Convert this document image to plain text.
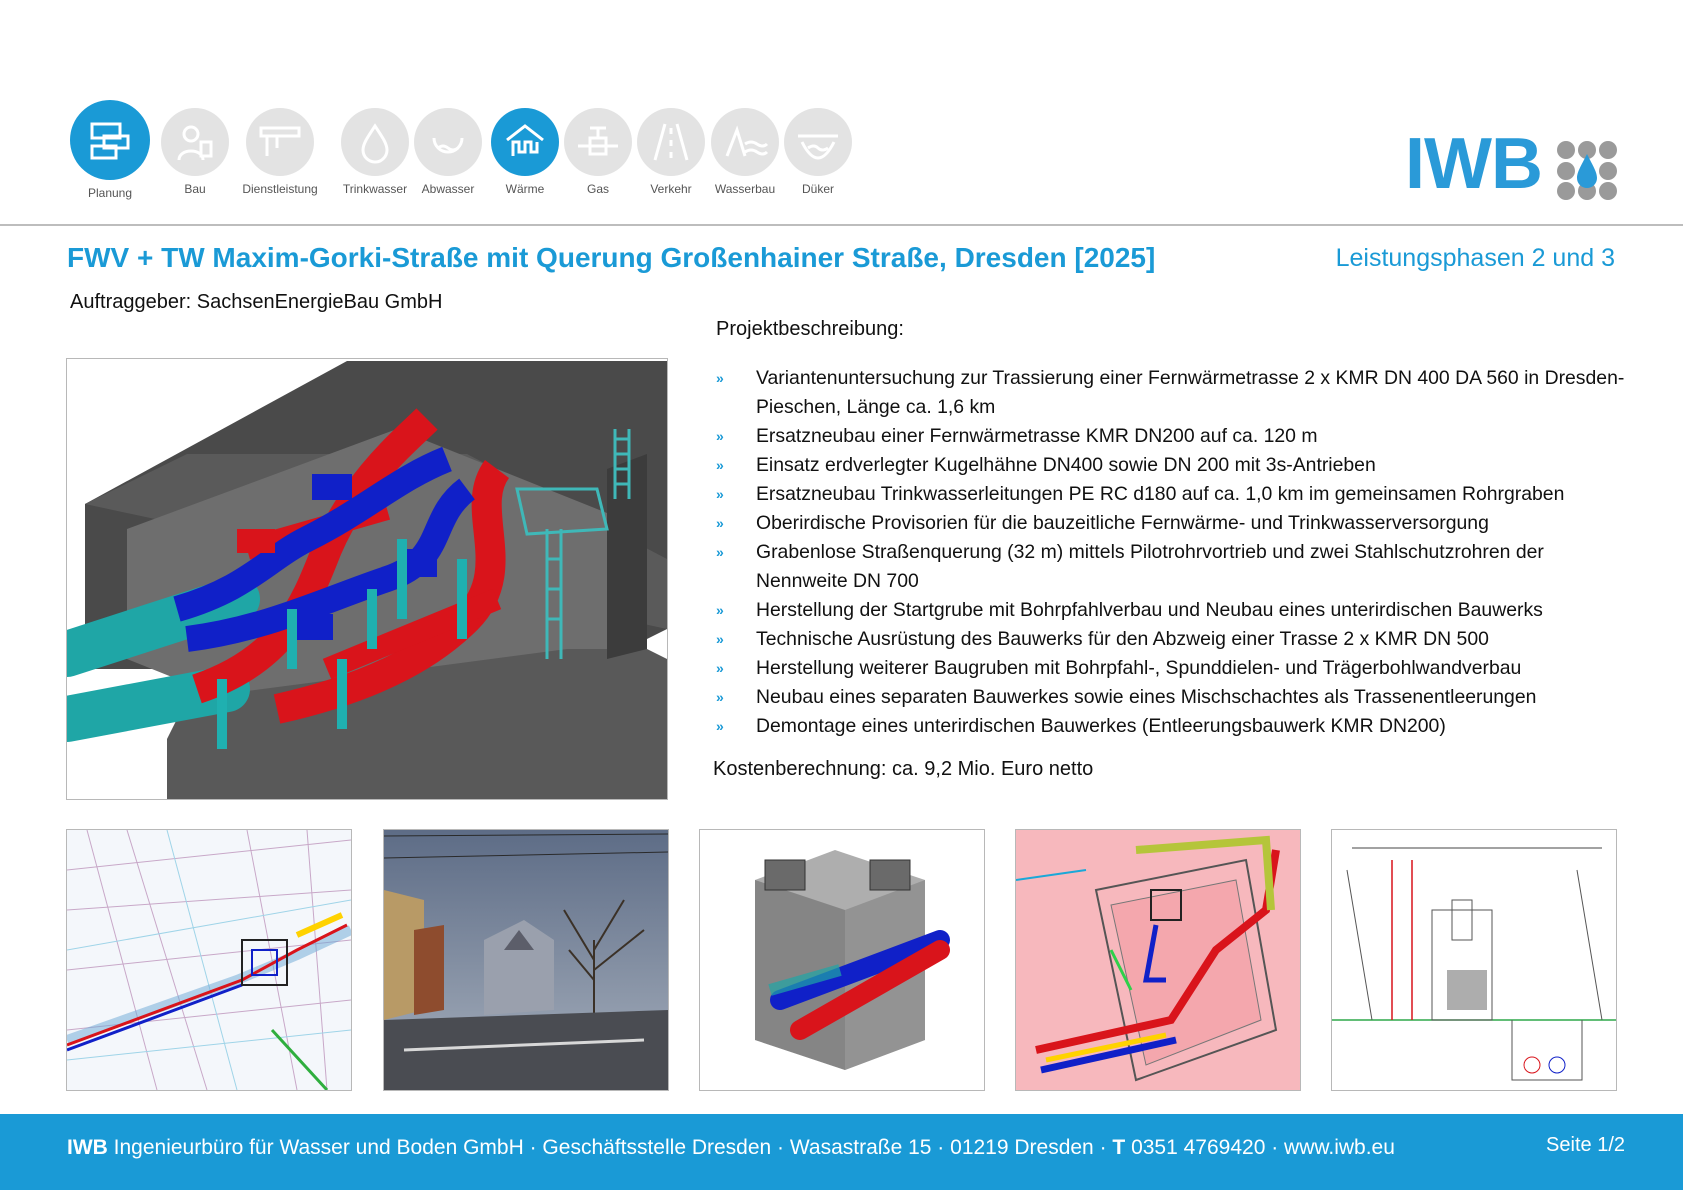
Planung	Bau	Dienstleistung	Trinkwasser	Abwasser	Wärme	Gas	Verkehr	Wasserbau	Düker	IWB
FWV + TW Maxim-Gorki-Straße mit Querung Großenhainer Straße, Dresden [2025]	Leistungsphasen 2 und 3
Auftraggeber: SachsenEnergieBau GmbH
Projektbeschreibung:
» Variantenuntersuchung zur Trassierung einer Fernwärmetrasse 2 x KMR DN 400 DA 560 in Dresden-Pieschen, Länge ca. 1,6 km
» Ersatzneubau einer Fernwärmetrasse KMR DN200 auf ca. 120 m
» Einsatz erdverlegter Kugelhähne DN400 sowie DN 200 mit 3s-Antrieben
» Ersatzneubau Trinkwasserleitungen PE RC d180 auf ca. 1,0 km im gemeinsamen Rohrgraben
» Oberirdische Provisorien für die bauzeitliche Fernwärme- und Trinkwasserversorgung
» Grabenlose Straßenquerung (32 m) mittels Pilotrohrvortrieb und zwei Stahlschutzrohren der Nennweite DN 700
» Herstellung der Startgrube mit Bohrpfahlverbau und Neubau eines unterirdischen Bauwerks
» Technische Ausrüstung des Bauwerks für den Abzweig einer Trasse 2 x KMR DN 500
» Herstellung weiterer Baugruben mit Bohrpfahl-, Spunddielen- und Trägerbohlwandverbau
» Neubau eines separaten Bauwerkes sowie eines Mischschachtes als Trassenentleerungen
» Demontage eines unterirdischen Bauwerkes (Entleerungsbauwerk KMR DN200)
Kostenberechnung: ca. 9,2 Mio. Euro netto
IWB Ingenieurbüro für Wasser und Boden GmbH · Geschäftsstelle Dresden · Wasastraße 15 · 01219 Dresden · T 0351 4769420 · www.iwb.eu	Seite 1/2
